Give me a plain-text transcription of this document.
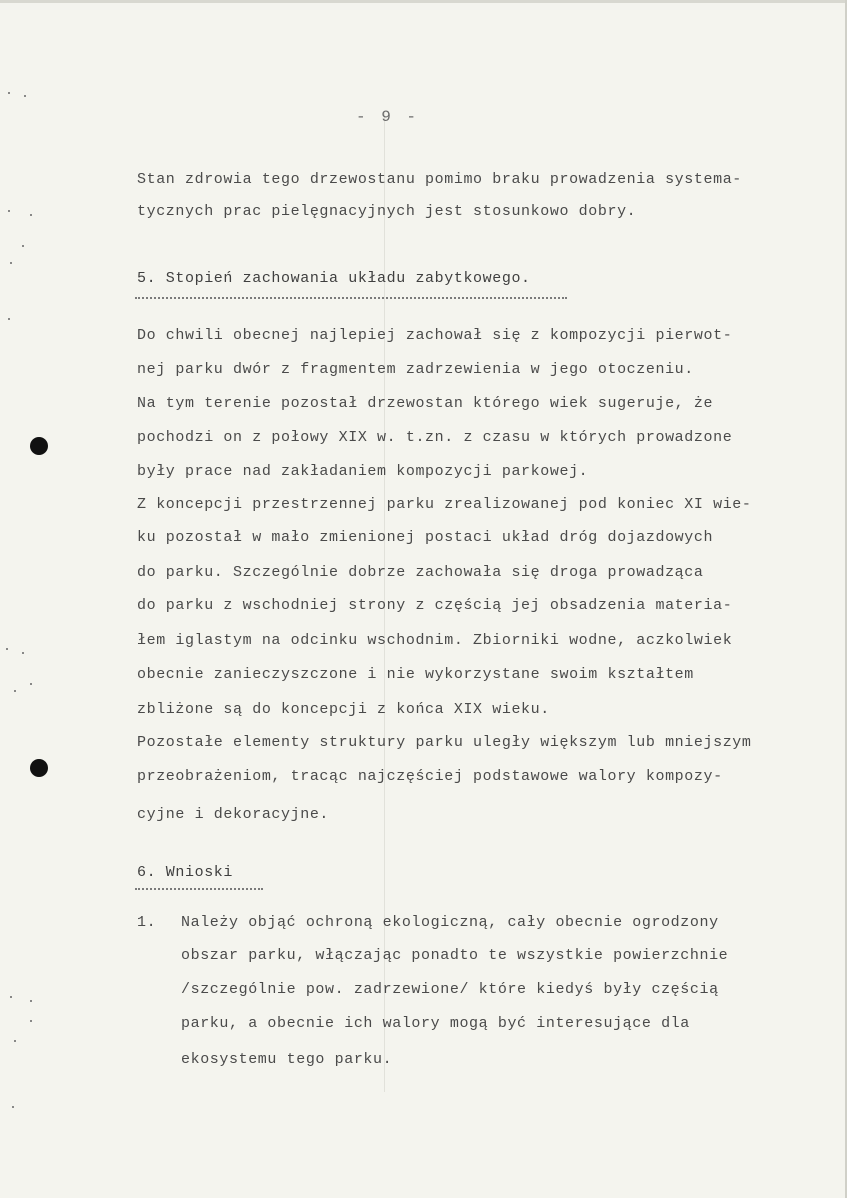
- 9 -
Stan zdrowia tego drzewostanu pomimo braku prowadzenia systema-
tycznych prac pielęgnacyjnych jest stosunkowo dobry.
5. Stopień zachowania układu zabytkowego.
Do chwili obecnej najlepiej zachował się z kompozycji pierwot-
nej parku dwór z fragmentem zadrzewienia w jego otoczeniu.
Na tym terenie pozostał drzewostan którego wiek sugeruje, że
pochodzi on z połowy XIX w. t.zn. z czasu w których prowadzone
były prace nad zakładaniem kompozycji parkowej.
Z koncepcji przestrzennej parku zrealizowanej pod koniec XI wie-
ku pozostał w mało zmienionej postaci układ dróg dojazdowych
do parku. Szczególnie dobrze zachowała się droga prowadząca
do parku z wschodniej strony z częścią jej obsadzenia materia-
łem iglastym na odcinku wschodnim. Zbiorniki wodne, aczkolwiek
obecnie zanieczyszczone i nie wykorzystane swoim kształtem
zbliżone są do koncepcji z końca XIX wieku.
Pozostałe elementy struktury parku uległy większym lub mniejszym
przeobrażeniom, tracąc najczęściej podstawowe walory kompozy-
cyjne i dekoracyjne.
6. Wnioski
1. Należy objąć ochroną ekologiczną, cały obecnie ogrodzony
obszar parku, włączając ponadto te wszystkie powierzchnie
/szczególnie pow. zadrzewione/ które kiedyś były częścią
parku, a obecnie ich walory mogą być interesujące dla
ekosystemu tego parku.
